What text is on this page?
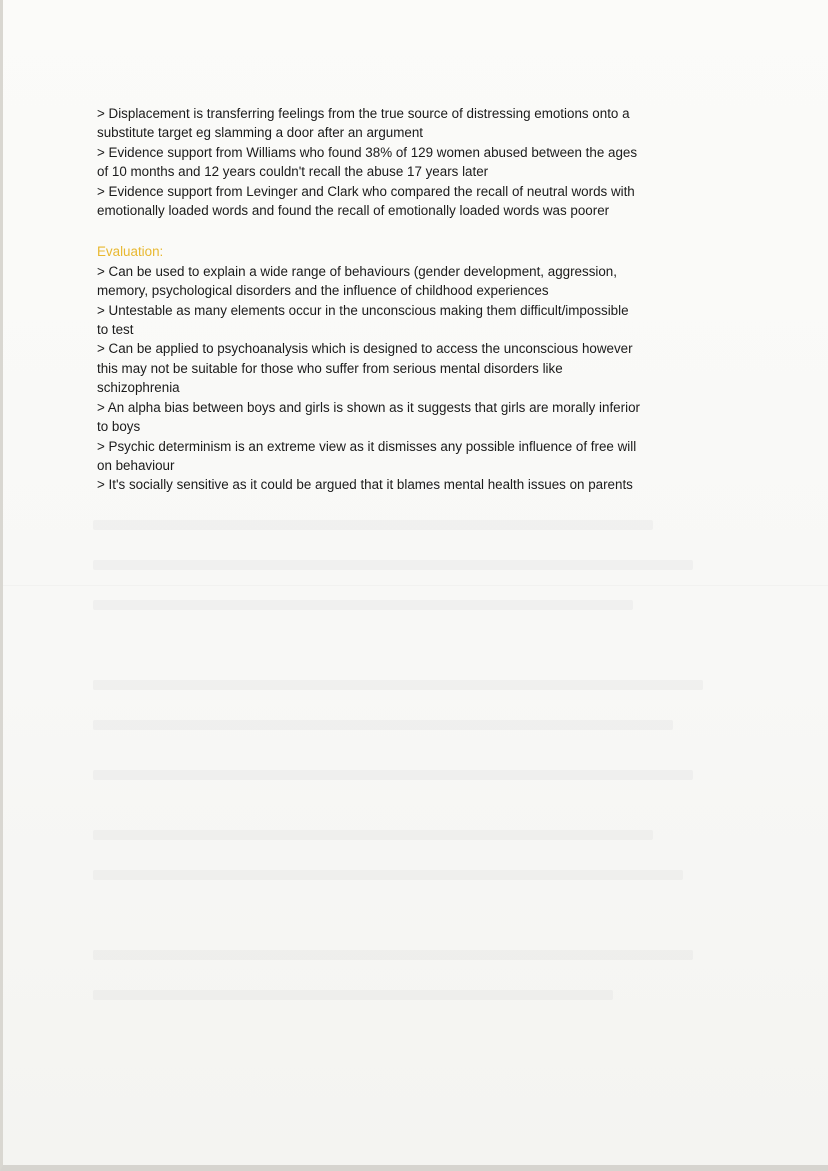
> Displacement is transferring feelings from the true source of distressing emotions onto a

substitute target eg slamming a door after an argument

> Evidence support from Williams who found 38% of 129 women abused between the ages

of 10 months and 12 years couldn't recall the abuse 17 years later

> Evidence support from Levinger and Clark who compared the recall of neutral words with

emotionally loaded words and found the recall of emotionally loaded words was poorer

Evaluation:

> Can be used to explain a wide range of behaviours (gender development, aggression,

memory, psychological disorders and the influence of childhood experiences

> Untestable as many elements occur in the unconscious making them difficult/impossible

to test

> Can be applied to psychoanalysis which is designed to access the unconscious however

this may not be suitable for those who suffer from serious mental disorders like

schizophrenia

> An alpha bias between boys and girls is shown as it suggests that girls are morally inferior

to boys

> Psychic determinism is an extreme view as it dismisses any possible influence of free will

on behaviour

> It's socially sensitive as it could be argued that it blames mental health issues on parents
